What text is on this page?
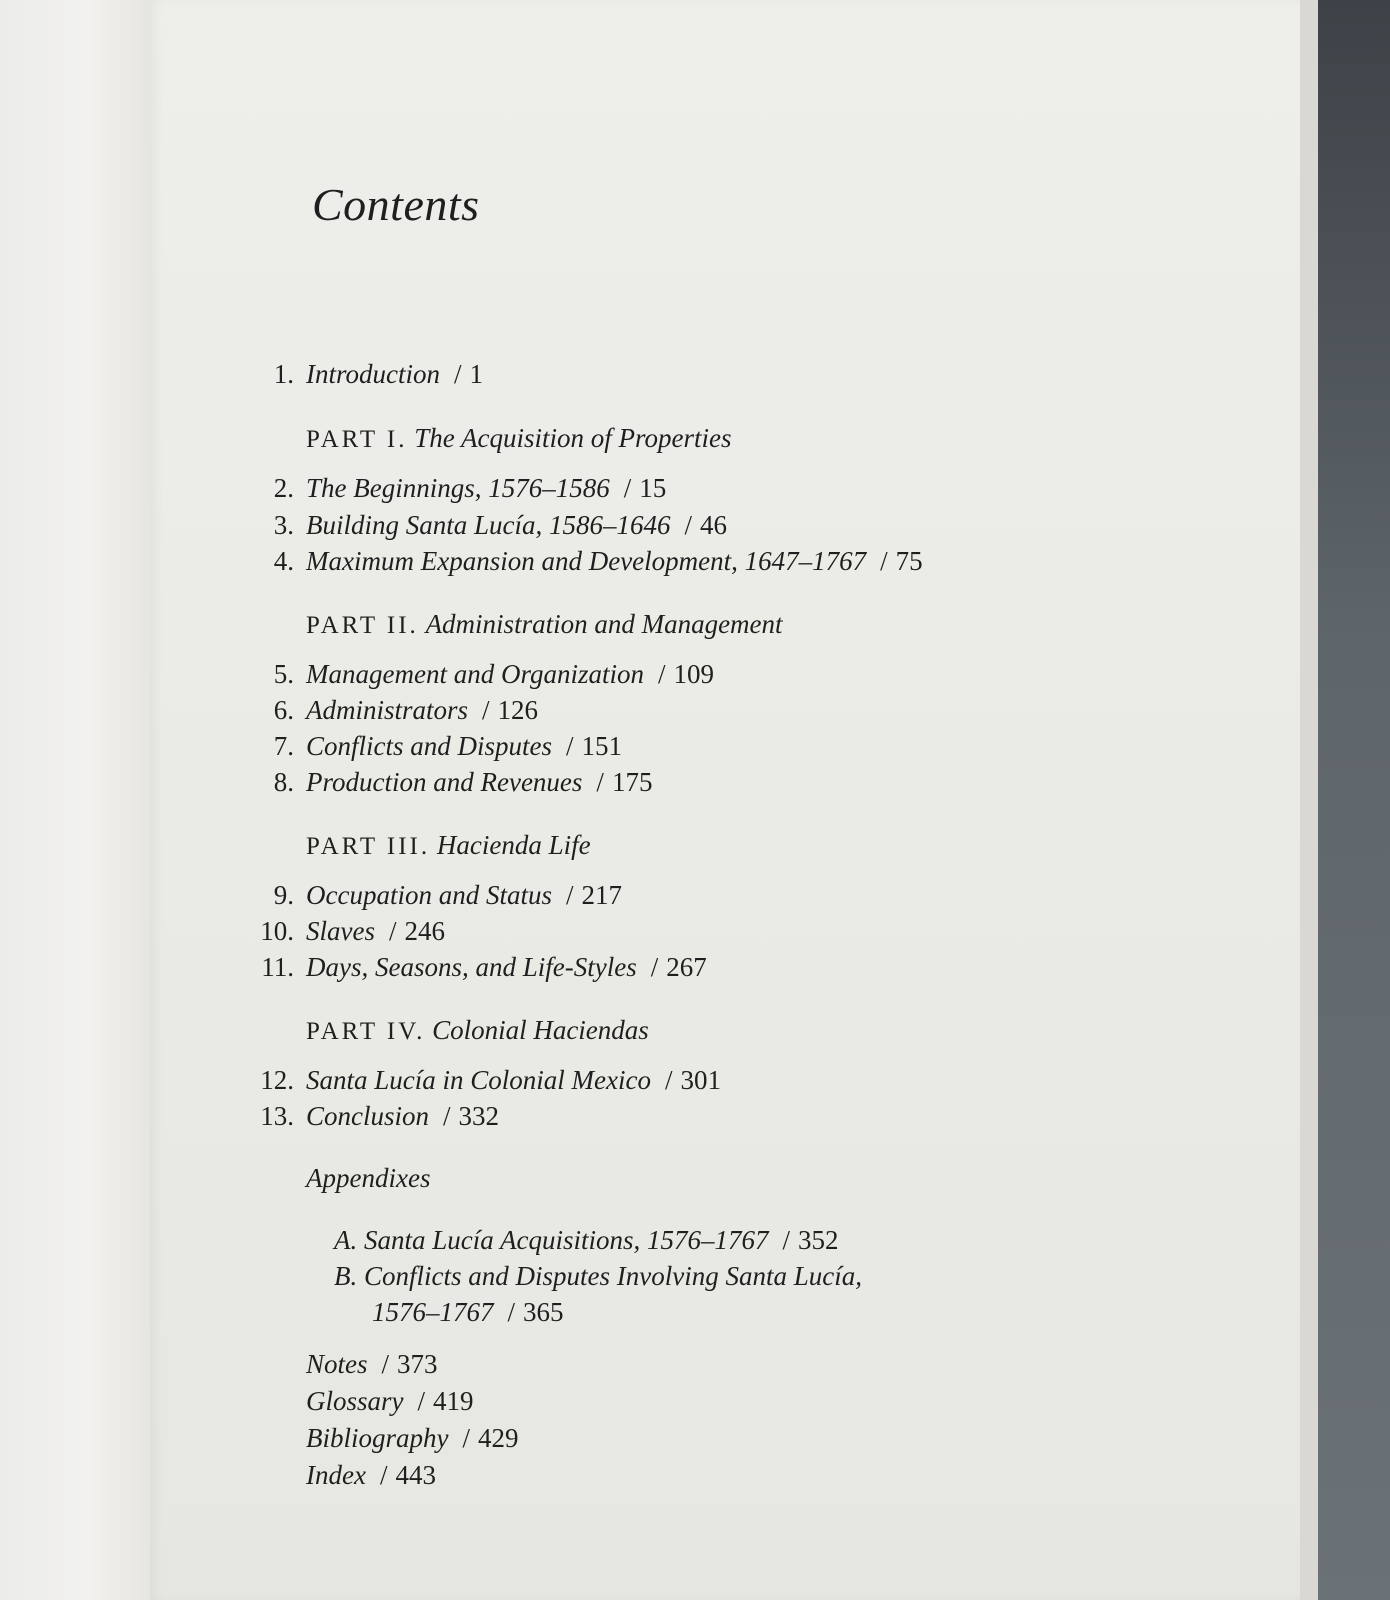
Contents
1. Introduction / 1
PART I. The Acquisition of Properties
2. The Beginnings, 1576–1586 / 15
3. Building Santa Lucía, 1586–1646 / 46
4. Maximum Expansion and Development, 1647–1767 / 75
PART II. Administration and Management
5. Management and Organization / 109
6. Administrators / 126
7. Conflicts and Disputes / 151
8. Production and Revenues / 175
PART III. Hacienda Life
9. Occupation and Status / 217
10. Slaves / 246
11. Days, Seasons, and Life-Styles / 267
PART IV. Colonial Haciendas
12. Santa Lucía in Colonial Mexico / 301
13. Conclusion / 332
Appendixes
A. Santa Lucía Acquisitions, 1576–1767 / 352
B. Conflicts and Disputes Involving Santa Lucía,
1576–1767 / 365
Notes / 373
Glossary / 419
Bibliography / 429
Index / 443
